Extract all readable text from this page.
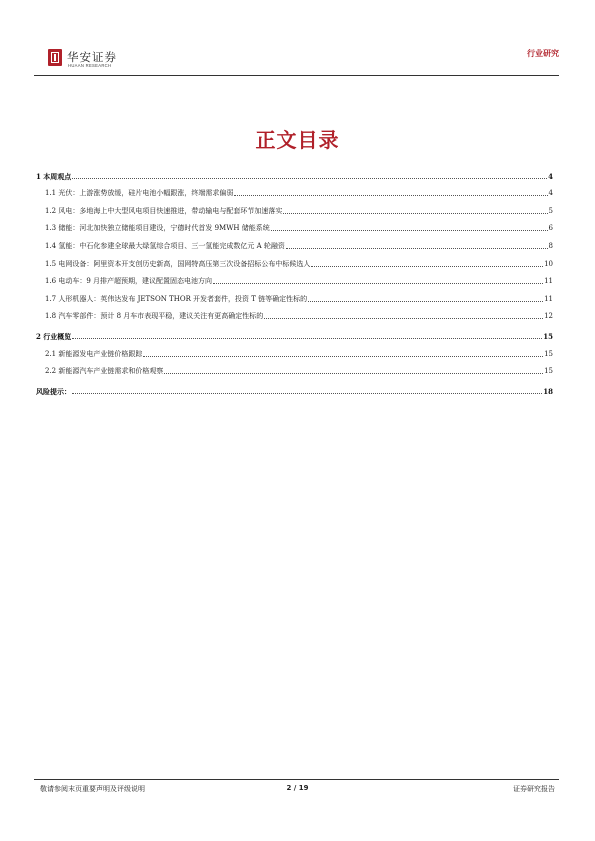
华安证券
HUAAN RESEARCH
行业研究
正文目录
1 本周观点	4
1.1 光伏：上游涨势放缓，硅片电池小幅跟涨，终端需求偏弱	4
1.2 风电：多地海上中大型风电项目快速推进，带动输电与配套环节加速落实	5
1.3 储能：河北加快独立储能项目建设，宁德时代首发 9MWH 储能系统	6
1.4 氢能：中石化参建全球最大绿氢综合项目、三一氢能完成数亿元 A 轮融资	8
1.5 电网设备：阿里资本开支创历史新高，国网特高压第三次设备招标公布中标候选人	10
1.6 电动车：9 月排产超预期，建议配置固态电池方向	11
1.7 人形机器人：英伟达发布 JETSON THOR 开发者套件，投资 T 链等确定性标的	11
1.8 汽车零部件：预计 8 月车市表现平稳，建议关注有更高确定性标的	12
2 行业概览	15
2.1 新能源发电产业链价格跟踪	15
2.2 新能源汽车产业链需求和价格观察	15
风险提示：	18
敬请参阅末页重要声明及评级说明	2 / 19	证券研究报告
